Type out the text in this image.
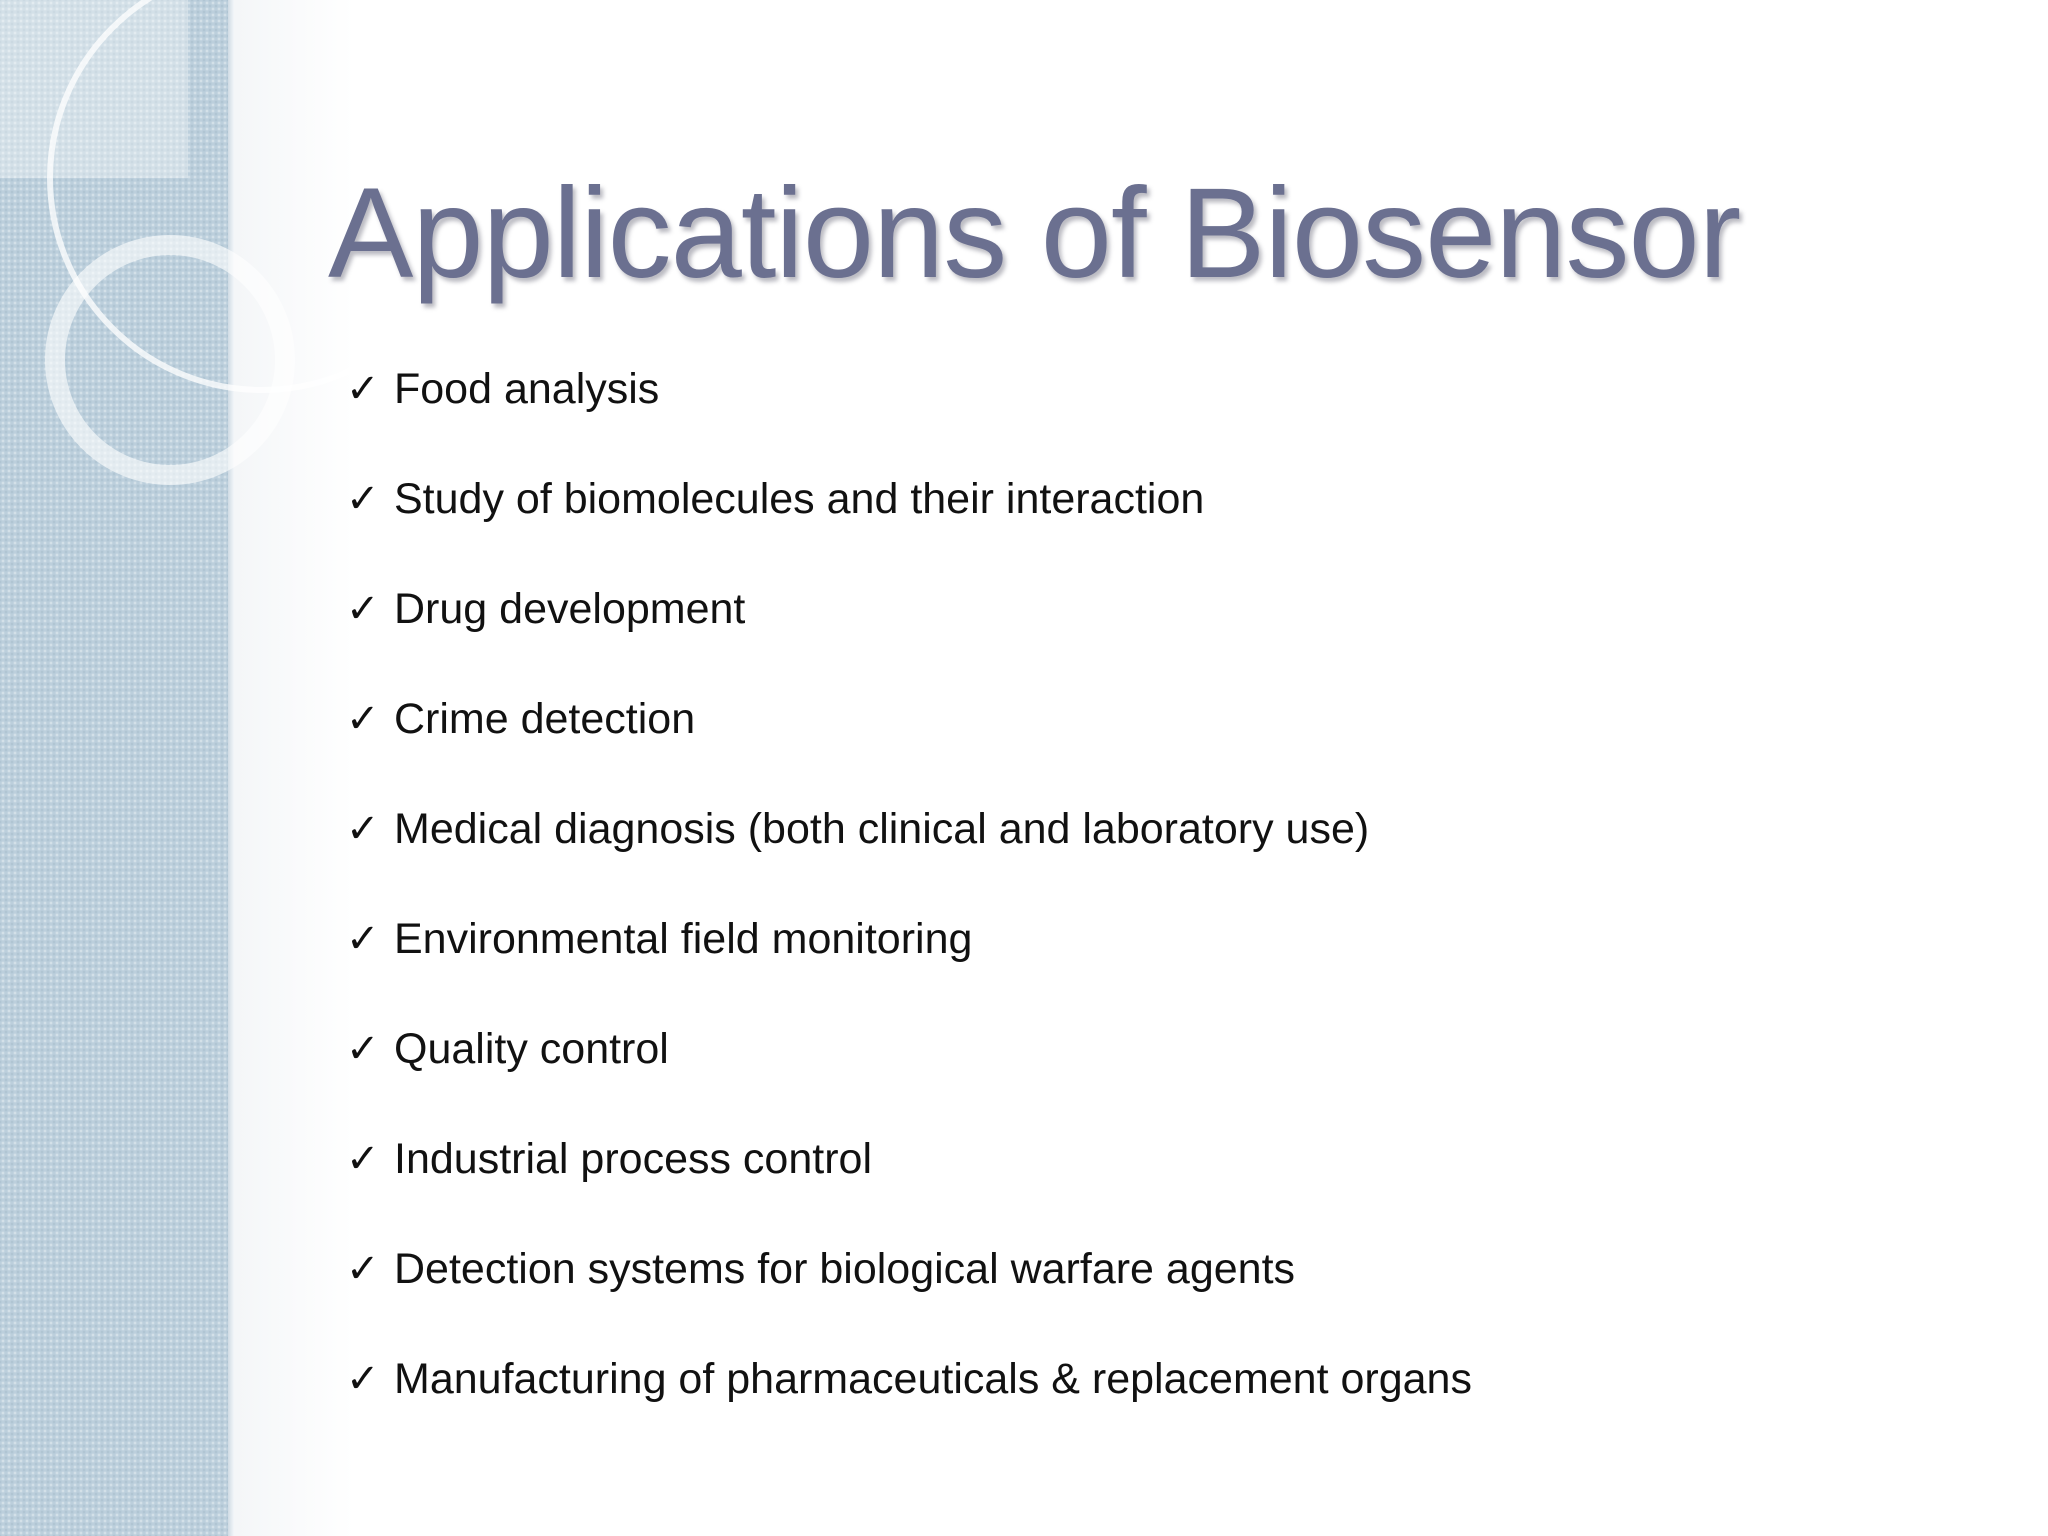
Applications of Biosensor
✓ Food analysis
✓ Study of biomolecules and their interaction
✓ Drug development
✓ Crime detection
✓ Medical diagnosis (both clinical and laboratory use)
✓ Environmental field monitoring
✓ Quality control
✓ Industrial process control
✓ Detection systems for biological warfare agents
✓ Manufacturing of pharmaceuticals & replacement organs
